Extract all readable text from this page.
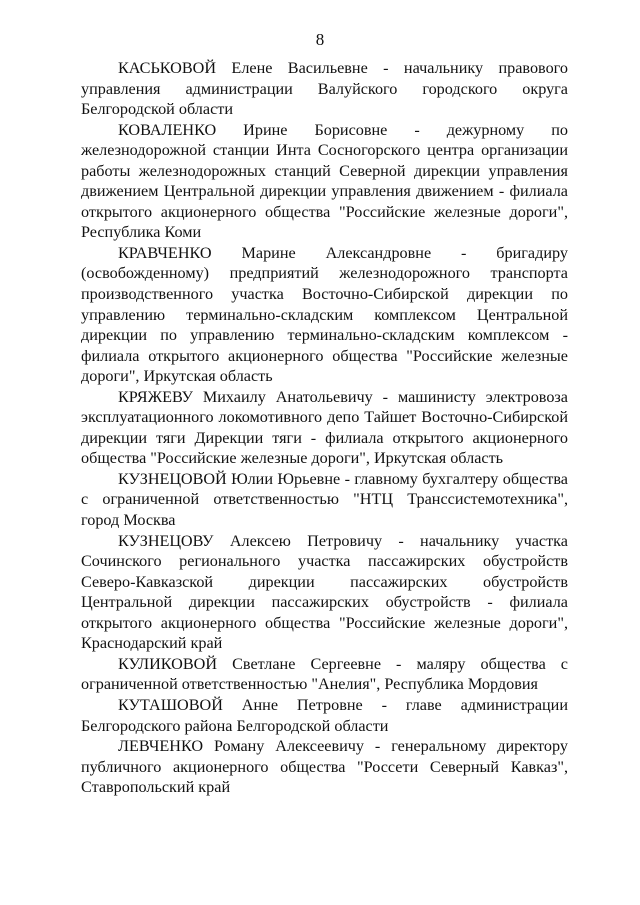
8

КАСЬКОВОЙ Елене Васильевне - начальнику правового управления администрации Валуйского городского округа Белгородской области

КОВАЛЕНКО Ирине Борисовне - дежурному по железнодорожной станции Инта Сосногорского центра организации работы железнодорожных станций Северной дирекции управления движением Центральной дирекции управления движением - филиала открытого акционерного общества "Российские железные дороги", Республика Коми

КРАВЧЕНКО Марине Александровне - бригадиру (освобожденному) предприятий железнодорожного транспорта производственного участка Восточно-Сибирской дирекции по управлению терминально-складским комплексом Центральной дирекции по управлению терминально-складским комплексом - филиала открытого акционерного общества "Российские железные дороги", Иркутская область

КРЯЖЕВУ Михаилу Анатольевичу - машинисту электровоза эксплуатационного локомотивного депо Тайшет Восточно-Сибирской дирекции тяги Дирекции тяги - филиала открытого акционерного общества "Российские железные дороги", Иркутская область

КУЗНЕЦОВОЙ Юлии Юрьевне - главному бухгалтеру общества с ограниченной ответственностью "НТЦ Транссистемотехника", город Москва

КУЗНЕЦОВУ Алексею Петровичу - начальнику участка Сочинского регионального участка пассажирских обустройств Северо-Кавказской дирекции пассажирских обустройств Центральной дирекции пассажирских обустройств - филиала открытого акционерного общества "Российские железные дороги", Краснодарский край

КУЛИКОВОЙ Светлане Сергеевне - маляру общества с ограниченной ответственностью "Анелия", Республика Мордовия

КУТАШОВОЙ Анне Петровне - главе администрации Белгородского района Белгородской области

ЛЕВЧЕНКО Роману Алексеевичу - генеральному директору публичного акционерного общества "Россети Северный Кавказ", Ставропольский край
